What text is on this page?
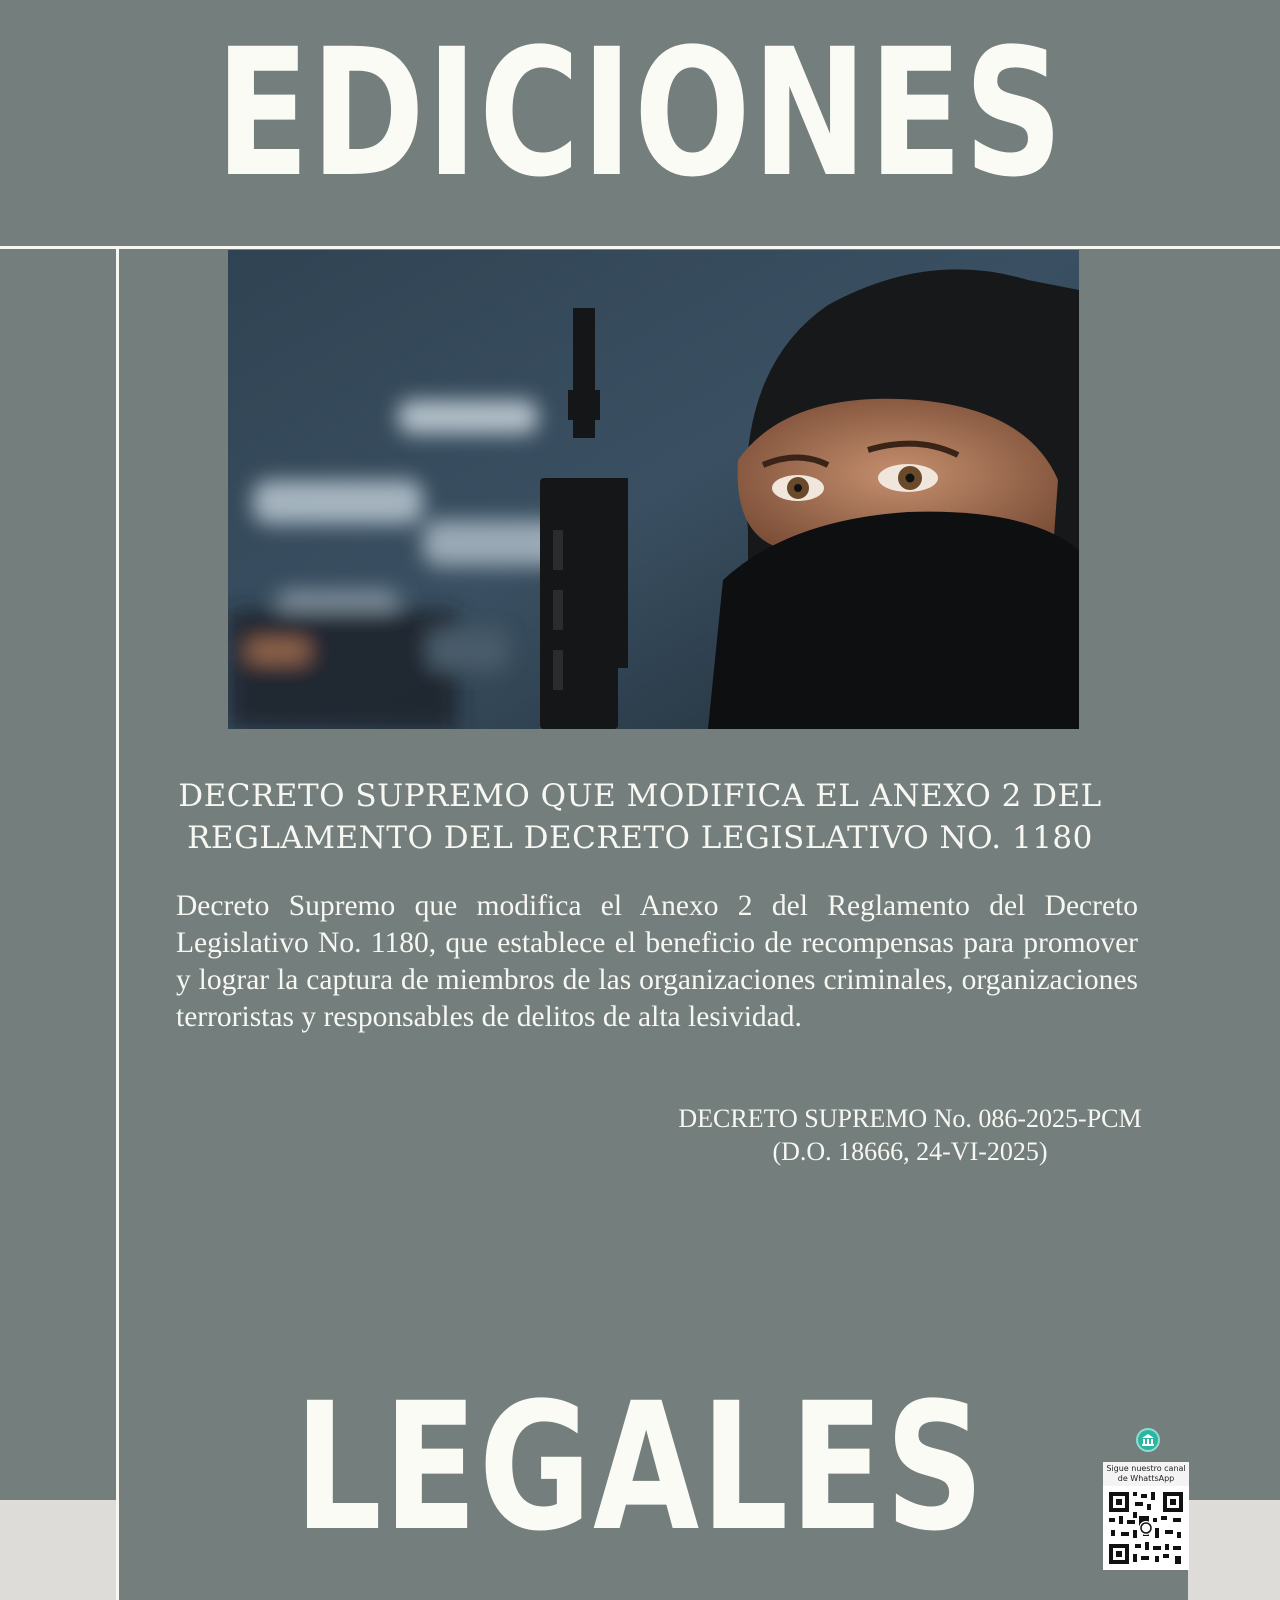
EDICIONES
DECRETO SUPREMO QUE MODIFICA EL ANEXO 2 DEL REGLAMENTO DEL DECRETO LEGISLATIVO NO. 1180
Decreto Supremo que modifica el Anexo 2 del Reglamento del Decreto Legislativo No. 1180, que establece el beneficio de recompensas para promover y lograr la captura de miembros de las organizaciones criminales, organizaciones terroristas y responsables de delitos de alta lesividad.
DECRETO SUPREMO No. 086-2025-PCM
(D.O. 18666, 24-VI-2025)
LEGALES	Sigue nuestro canal de WhattsApp
